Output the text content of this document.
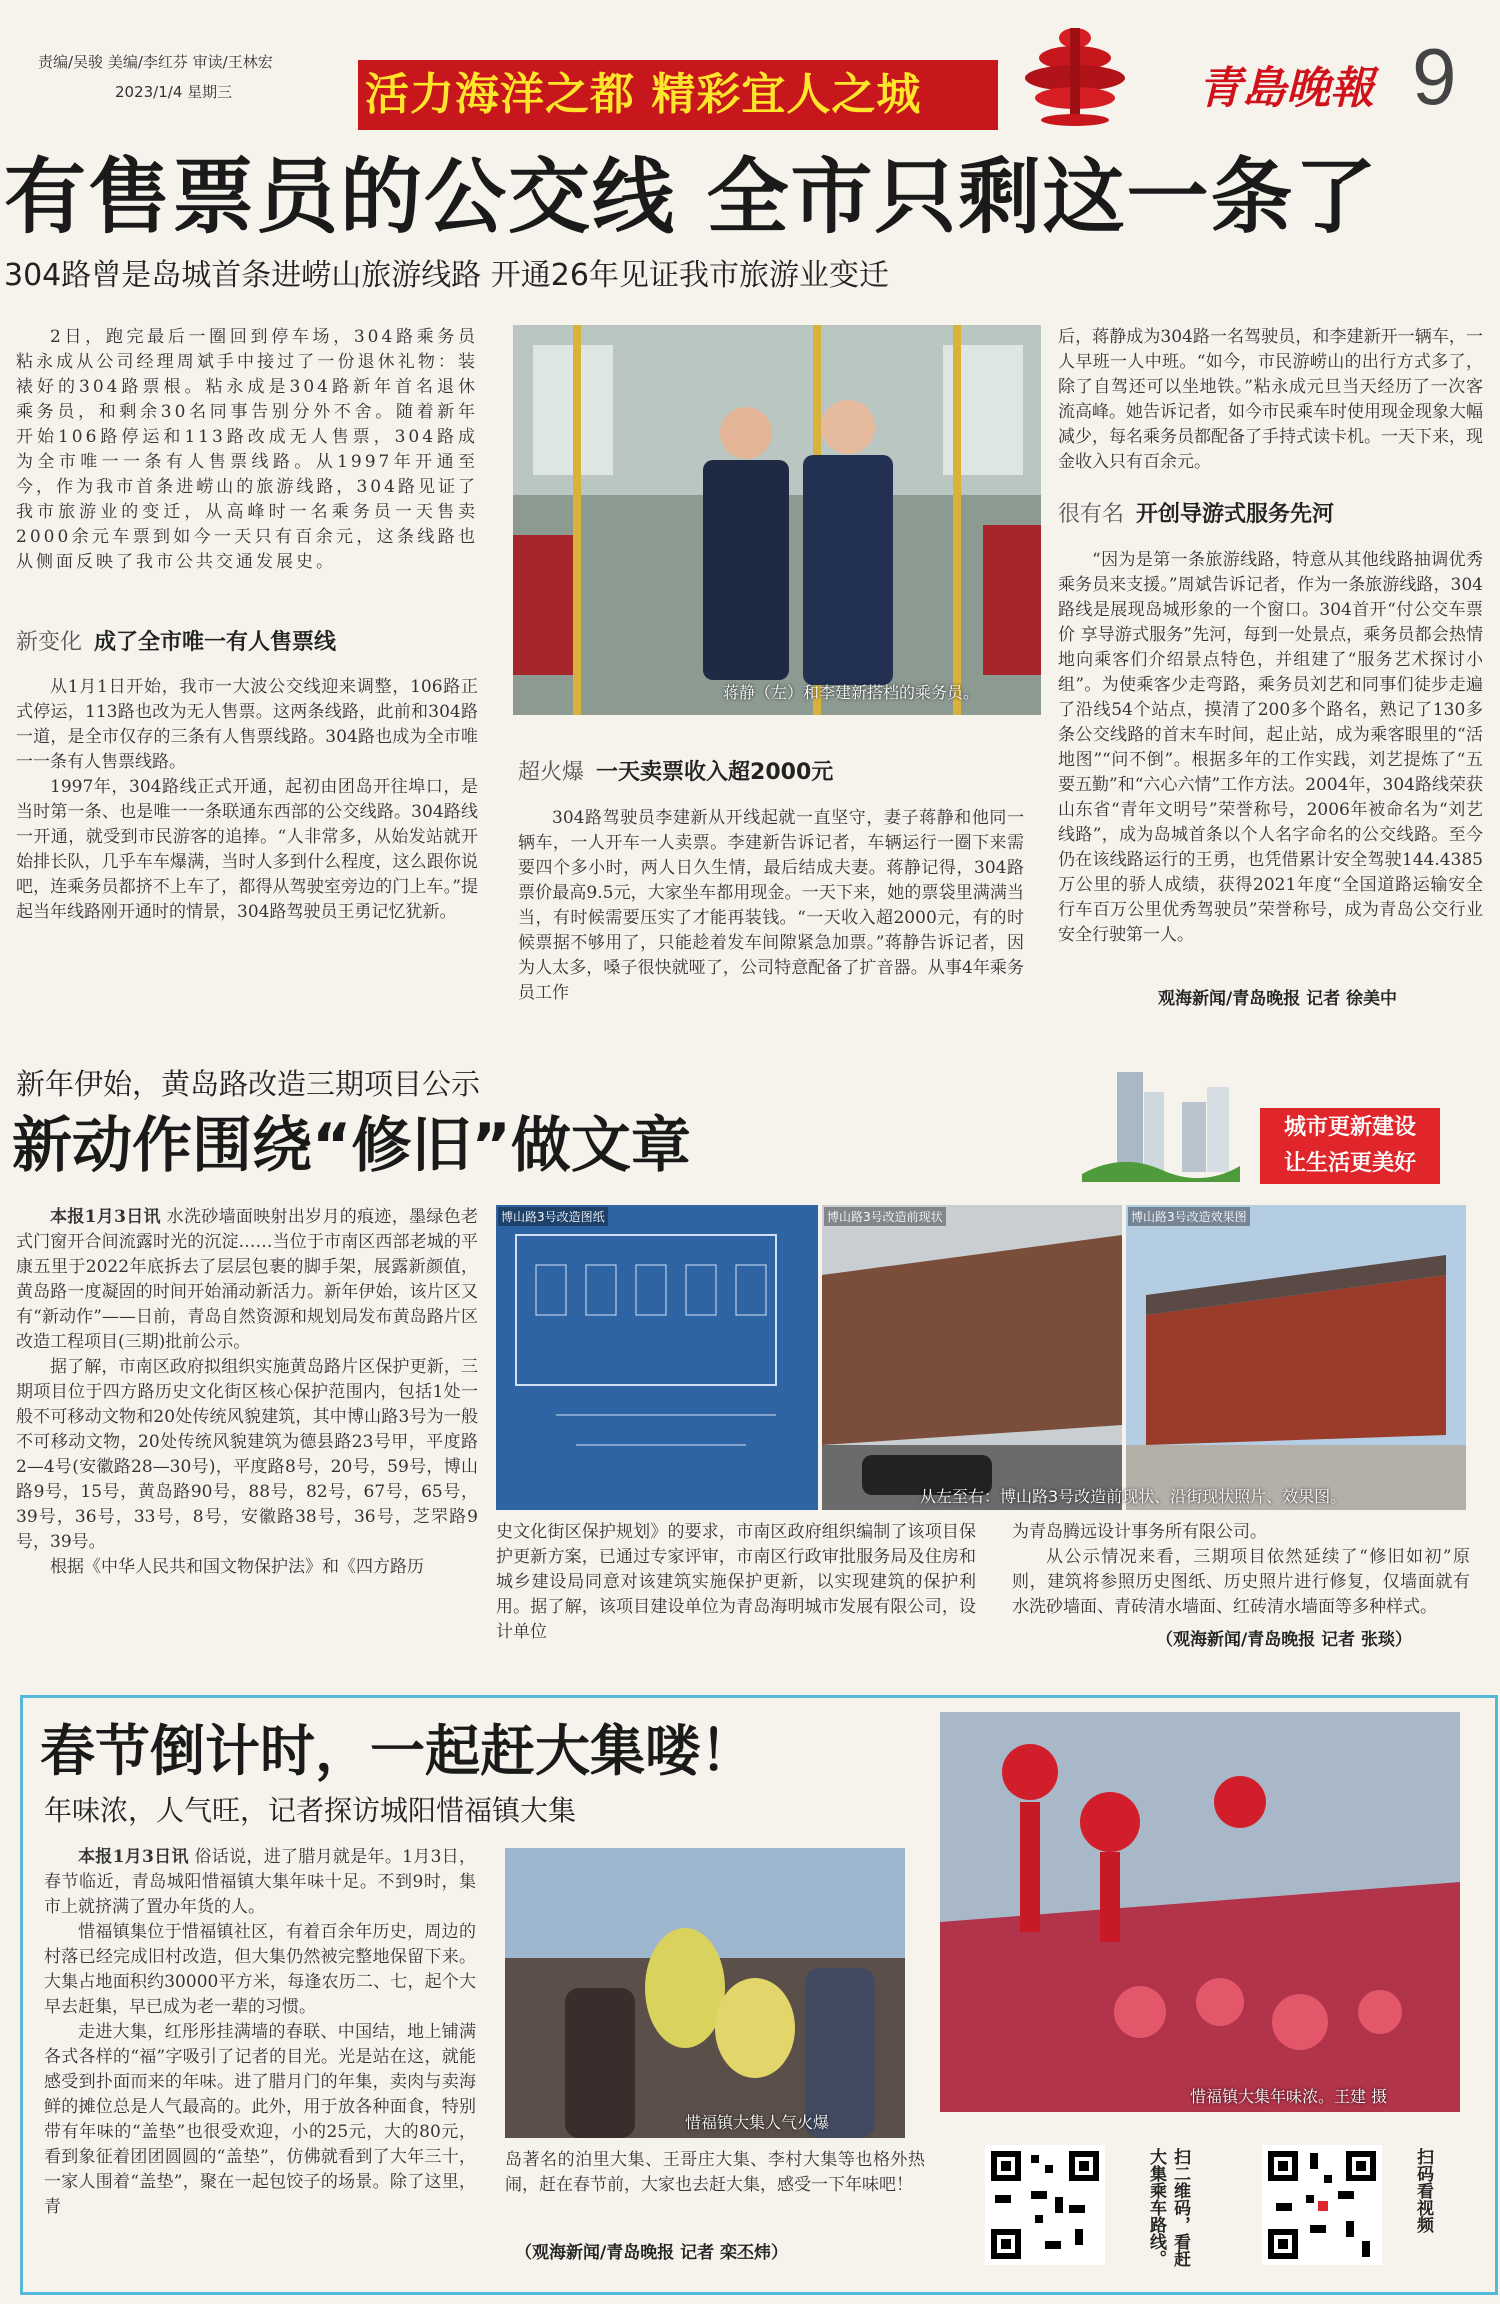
责编/吴骏 美编/李红芬 审读/王林宏
2023/1/4 星期三	活力海洋之都 精彩宜人之城	青島晚報 9
有售票员的公交线 全市只剩这一条了
304路曾是岛城首条进崂山旅游线路 开通26年见证我市旅游业变迁

2日，跑完最后一圈回到停车场，304路乘务员粘永成从公司经理周斌手中接过了一份退休礼物：装裱好的304路票根。粘永成是304路新年首名退休乘务员，和剩余30名同事告别分外不舍。随着新年开始106路停运和113路改成无人售票，304路成为全市唯一一条有人售票线路。从1997年开通至今，作为我市首条进崂山的旅游线路，304路见证了我市旅游业的变迁，从高峰时一名乘务员一天售卖2000余元车票到如今一天只有百余元，这条线路也从侧面反映了我市公共交通发展史。

新变化 成了全市唯一有人售票线

从1月1日开始，我市一大波公交线迎来调整，106路正式停运，113路也改为无人售票。这两条线路，此前和304路一道，是全市仅存的三条有人售票线路。304路也成为全市唯一一条有人售票线路。

1997年，304路线正式开通，起初由团岛开往埠口，是当时第一条、也是唯一一条联通东西部的公交线路。304路线一开通，就受到市民游客的追捧。“人非常多，从始发站就开始排长队，几乎车车爆满，当时人多到什么程度，这么跟你说吧，连乘务员都挤不上车了，都得从驾驶室旁边的门上车。”提起当年线路刚开通时的情景，304路驾驶员王勇记忆犹新。

蒋静（左）和李建新搭档的乘务员。
超火爆 一天卖票收入超2000元

304路驾驶员李建新从开线起就一直坚守，妻子蒋静和他同一辆车，一人开车一人卖票。李建新告诉记者，车辆运行一圈下来需要四个多小时，两人日久生情，最后结成夫妻。蒋静记得，304路票价最高9.5元，大家坐车都用现金。一天下来，她的票袋里满满当当，有时候需要压实了才能再装钱。“一天收入超2000元，有的时候票据不够用了，只能趁着发车间隙紧急加票。”蒋静告诉记者，因为人太多，嗓子很快就哑了，公司特意配备了扩音器。从事4年乘务员工作

后，蒋静成为304路一名驾驶员，和李建新开一辆车，一人早班一人中班。“如今，市民游崂山的出行方式多了，除了自驾还可以坐地铁。”粘永成元旦当天经历了一次客流高峰。她告诉记者，如今市民乘车时使用现金现象大幅减少，每名乘务员都配备了手持式读卡机。一天下来，现金收入只有百余元。

很有名 开创导游式服务先河

“因为是第一条旅游线路，特意从其他线路抽调优秀乘务员来支援。”周斌告诉记者，作为一条旅游线路，304路线是展现岛城形象的一个窗口。304首开“付公交车票价 享导游式服务”先河，每到一处景点，乘务员都会热情地向乘客们介绍景点特色，并组建了“服务艺术探讨小组”。为使乘客少走弯路，乘务员刘艺和同事们徒步走遍了沿线54个站点，摸清了200多个路名，熟记了130多条公交线路的首末车时间，起止站，成为乘客眼里的“活地图”“问不倒”。根据多年的工作实践，刘艺提炼了“五要五勤”和“六心六情”工作方法。2004年，304路线荣获山东省“青年文明号”荣誉称号，2006年被命名为“刘艺线路”，成为岛城首条以个人名字命名的公交线路。至今仍在该线路运行的王勇，也凭借累计安全驾驶144.4385万公里的骄人成绩，获得2021年度“全国道路运输安全行车百万公里优秀驾驶员”荣誉称号，成为青岛公交行业安全行驶第一人。

观海新闻/青岛晚报 记者 徐美中
新年伊始，黄岛路改造三期项目公示
新动作围绕“修旧”做文章	城市更新建设
让生活更美好

本报1月3日讯 水洗砂墙面映射出岁月的痕迹，墨绿色老式门窗开合间流露时光的沉淀……当位于市南区西部老城的平康五里于2022年底拆去了层层包裹的脚手架，展露新颜值，黄岛路一度凝固的时间开始涌动新活力。新年伊始，该片区又有“新动作”——日前，青岛自然资源和规划局发布黄岛路片区改造工程项目(三期)批前公示。

据了解，市南区政府拟组织实施黄岛路片区保护更新，三期项目位于四方路历史文化街区核心保护范围内，包括1处一般不可移动文物和20处传统风貌建筑，其中博山路3号为一般不可移动文物，20处传统风貌建筑为德县路23号甲，平度路2—4号(安徽路28—30号)，平度路8号，20号，59号，博山路9号，15号，黄岛路90号，88号，82号，67号，65号，39号，36号，33号，8号，安徽路38号，36号，芝罘路9号，39号。

根据《中华人民共和国文物保护法》和《四方路历

博山路3号改造图纸	博山路3号改造前现状	博山路3号改造效果图
从左至右：博山路3号改造前现状、沿街现状照片、效果图。

史文化街区保护规划》的要求，市南区政府组织编制了该项目保护更新方案，已通过专家评审，市南区行政审批服务局及住房和城乡建设局同意对该建筑实施保护更新，以实现建筑的保护利用。据了解，该项目建设单位为青岛海明城市发展有限公司，设计单位

为青岛腾远设计事务所有限公司。

从公示情况来看，三期项目依然延续了“修旧如初”原则，建筑将参照历史图纸、历史照片进行修复，仅墙面就有水洗砂墙面、青砖清水墙面、红砖清水墙面等多种样式。

（观海新闻/青岛晚报 记者 张琰）
春节倒计时，一起赶大集喽！
年味浓，人气旺，记者探访城阳惜福镇大集

本报1月3日讯 俗话说，进了腊月就是年。1月3日，春节临近，青岛城阳惜福镇大集年味十足。不到9时，集市上就挤满了置办年货的人。

惜福镇集位于惜福镇社区，有着百余年历史，周边的村落已经完成旧村改造，但大集仍然被完整地保留下来。大集占地面积约30000平方米，每逢农历二、七，起个大早去赶集，早已成为老一辈的习惯。

走进大集，红彤彤挂满墙的春联、中国结，地上铺满各式各样的“福”字吸引了记者的目光。光是站在这，就能感受到扑面而来的年味。进了腊月门的年集，卖肉与卖海鲜的摊位总是人气最高的。此外，用于放各种面食，特别带有年味的“盖垫”也很受欢迎，小的25元，大的80元，看到象征着团团圆圆的“盖垫”，仿佛就看到了大年三十，一家人围着“盖垫”，聚在一起包饺子的场景。除了这里，青

惜福镇大集人气火爆
惜福镇大集年味浓。王建 摄

岛著名的泊里大集、王哥庄大集、李村大集等也格外热闹，赶在春节前，大家也去赶大集，感受一下年味吧！

（观海新闻/青岛晚报 记者 栾丕炜）	扫二维码，看赶大集乘车路线。	扫码看视频
